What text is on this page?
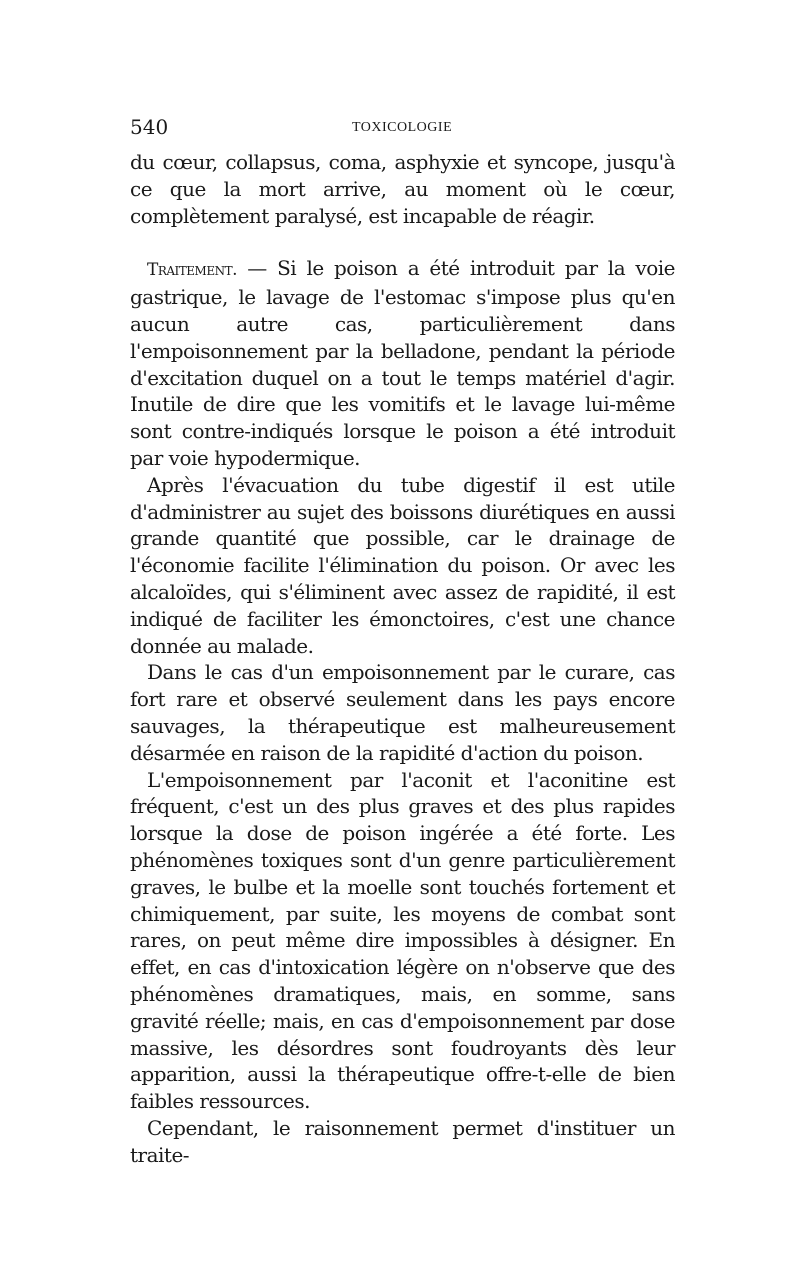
540	TOXICOLOGIE

du cœur, collapsus, coma, asphyxie et syncope, jusqu'à ce que la mort arrive, au moment où le cœur, complètement paralysé, est incapable de réagir.

Traitement. — Si le poison a été introduit par la voie gastrique, le lavage de l'estomac s'impose plus qu'en aucun autre cas, particulièrement dans l'empoisonnement par la belladone, pendant la période d'excitation duquel on a tout le temps matériel d'agir. Inutile de dire que les vomitifs et le lavage lui-même sont contre-indiqués lorsque le poison a été introduit par voie hypodermique.

Après l'évacuation du tube digestif il est utile d'administrer au sujet des boissons diurétiques en aussi grande quantité que possible, car le drainage de l'économie facilite l'élimination du poison. Or avec les alcaloïdes, qui s'éliminent avec assez de rapidité, il est indiqué de faciliter les émonctoires, c'est une chance donnée au malade.

Dans le cas d'un empoisonnement par le curare, cas fort rare et observé seulement dans les pays encore sauvages, la thérapeutique est malheureusement désarmée en raison de la rapidité d'action du poison.

L'empoisonnement par l'aconit et l'aconitine est fréquent, c'est un des plus graves et des plus rapides lorsque la dose de poison ingérée a été forte. Les phénomènes toxiques sont d'un genre particulièrement graves, le bulbe et la moelle sont touchés fortement et chimiquement, par suite, les moyens de combat sont rares, on peut même dire impossibles à désigner. En effet, en cas d'intoxication légère on n'observe que des phénomènes dramatiques, mais, en somme, sans gravité réelle; mais, en cas d'empoisonnement par dose massive, les désordres sont foudroyants dès leur apparition, aussi la thérapeutique offre-t-elle de bien faibles ressources.

Cependant, le raisonnement permet d'instituer un traite-
